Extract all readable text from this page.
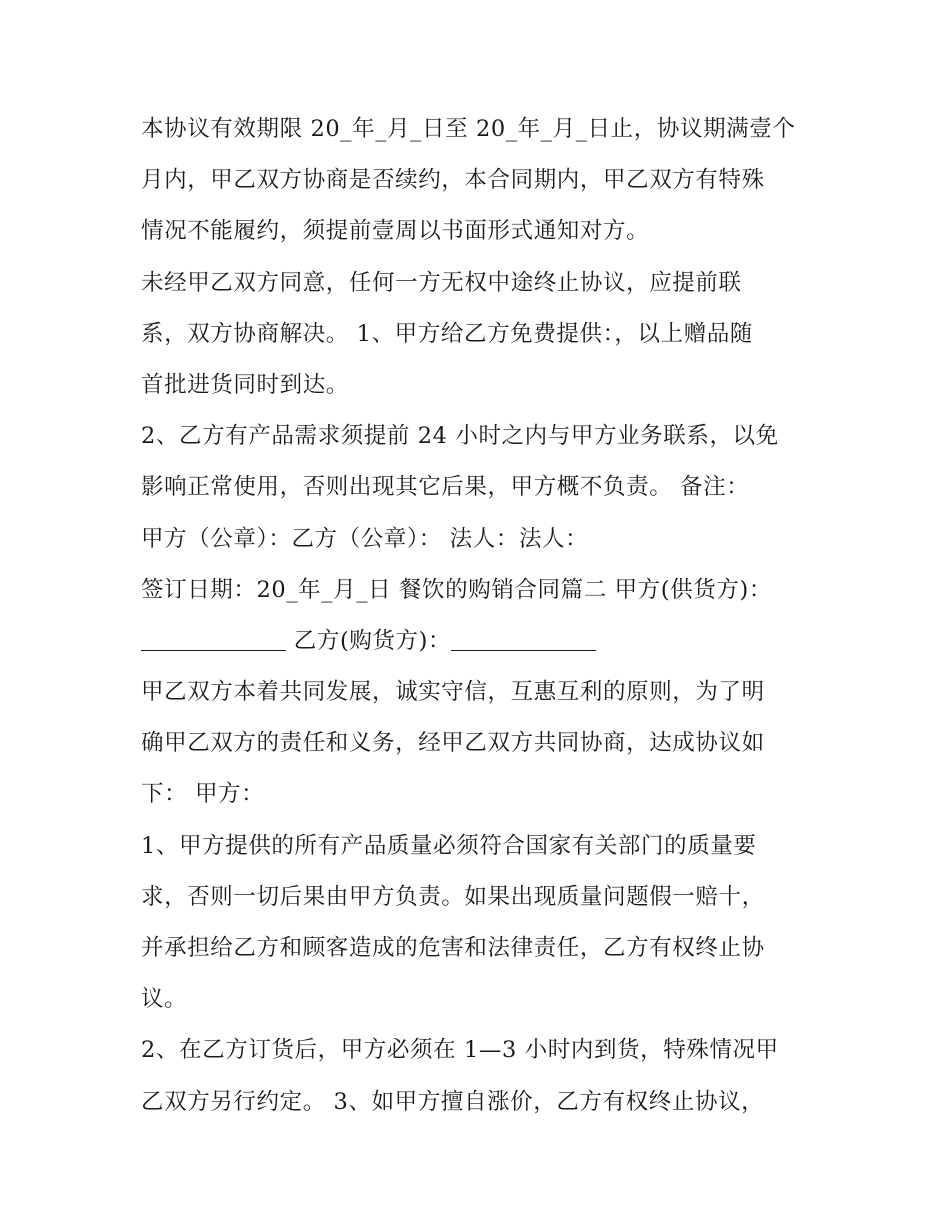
本协议有效期限 20_年_月_日至 20_年_月_日止，协议期满壹个
月内，甲乙双方协商是否续约，本合同期内，甲乙双方有特殊
情况不能履约，须提前壹周以书面形式通知对方。

未经甲乙双方同意，任何一方无权中途终止协议，应提前联
系，双方协商解决。 1、甲方给乙方免费提供：，以上赠品随
首批进货同时到达。

2、乙方有产品需求须提前 24 小时之内与甲方业务联系，以免
影响正常使用，否则出现其它后果，甲方概不负责。 备注：
甲方（公章）：乙方（公章）： 法人：法人：

签订日期：20_年_月_日 餐饮的购销合同篇二 甲方(供货方)：
乙方(购货方)：

甲乙双方本着共同发展，诚实守信，互惠互利的原则，为了明
确甲乙双方的责任和义务，经甲乙双方共同协商，达成协议如
下： 甲方：

1、甲方提供的所有产品质量必须符合国家有关部门的质量要
求，否则一切后果由甲方负责。如果出现质量问题假一赔十，
并承担给乙方和顾客造成的危害和法律责任，乙方有权终止协
议。

2、在乙方订货后，甲方必须在 1—3 小时内到货，特殊情况甲
乙双方另行约定。 3、如甲方擅自涨价，乙方有权终止协议，
